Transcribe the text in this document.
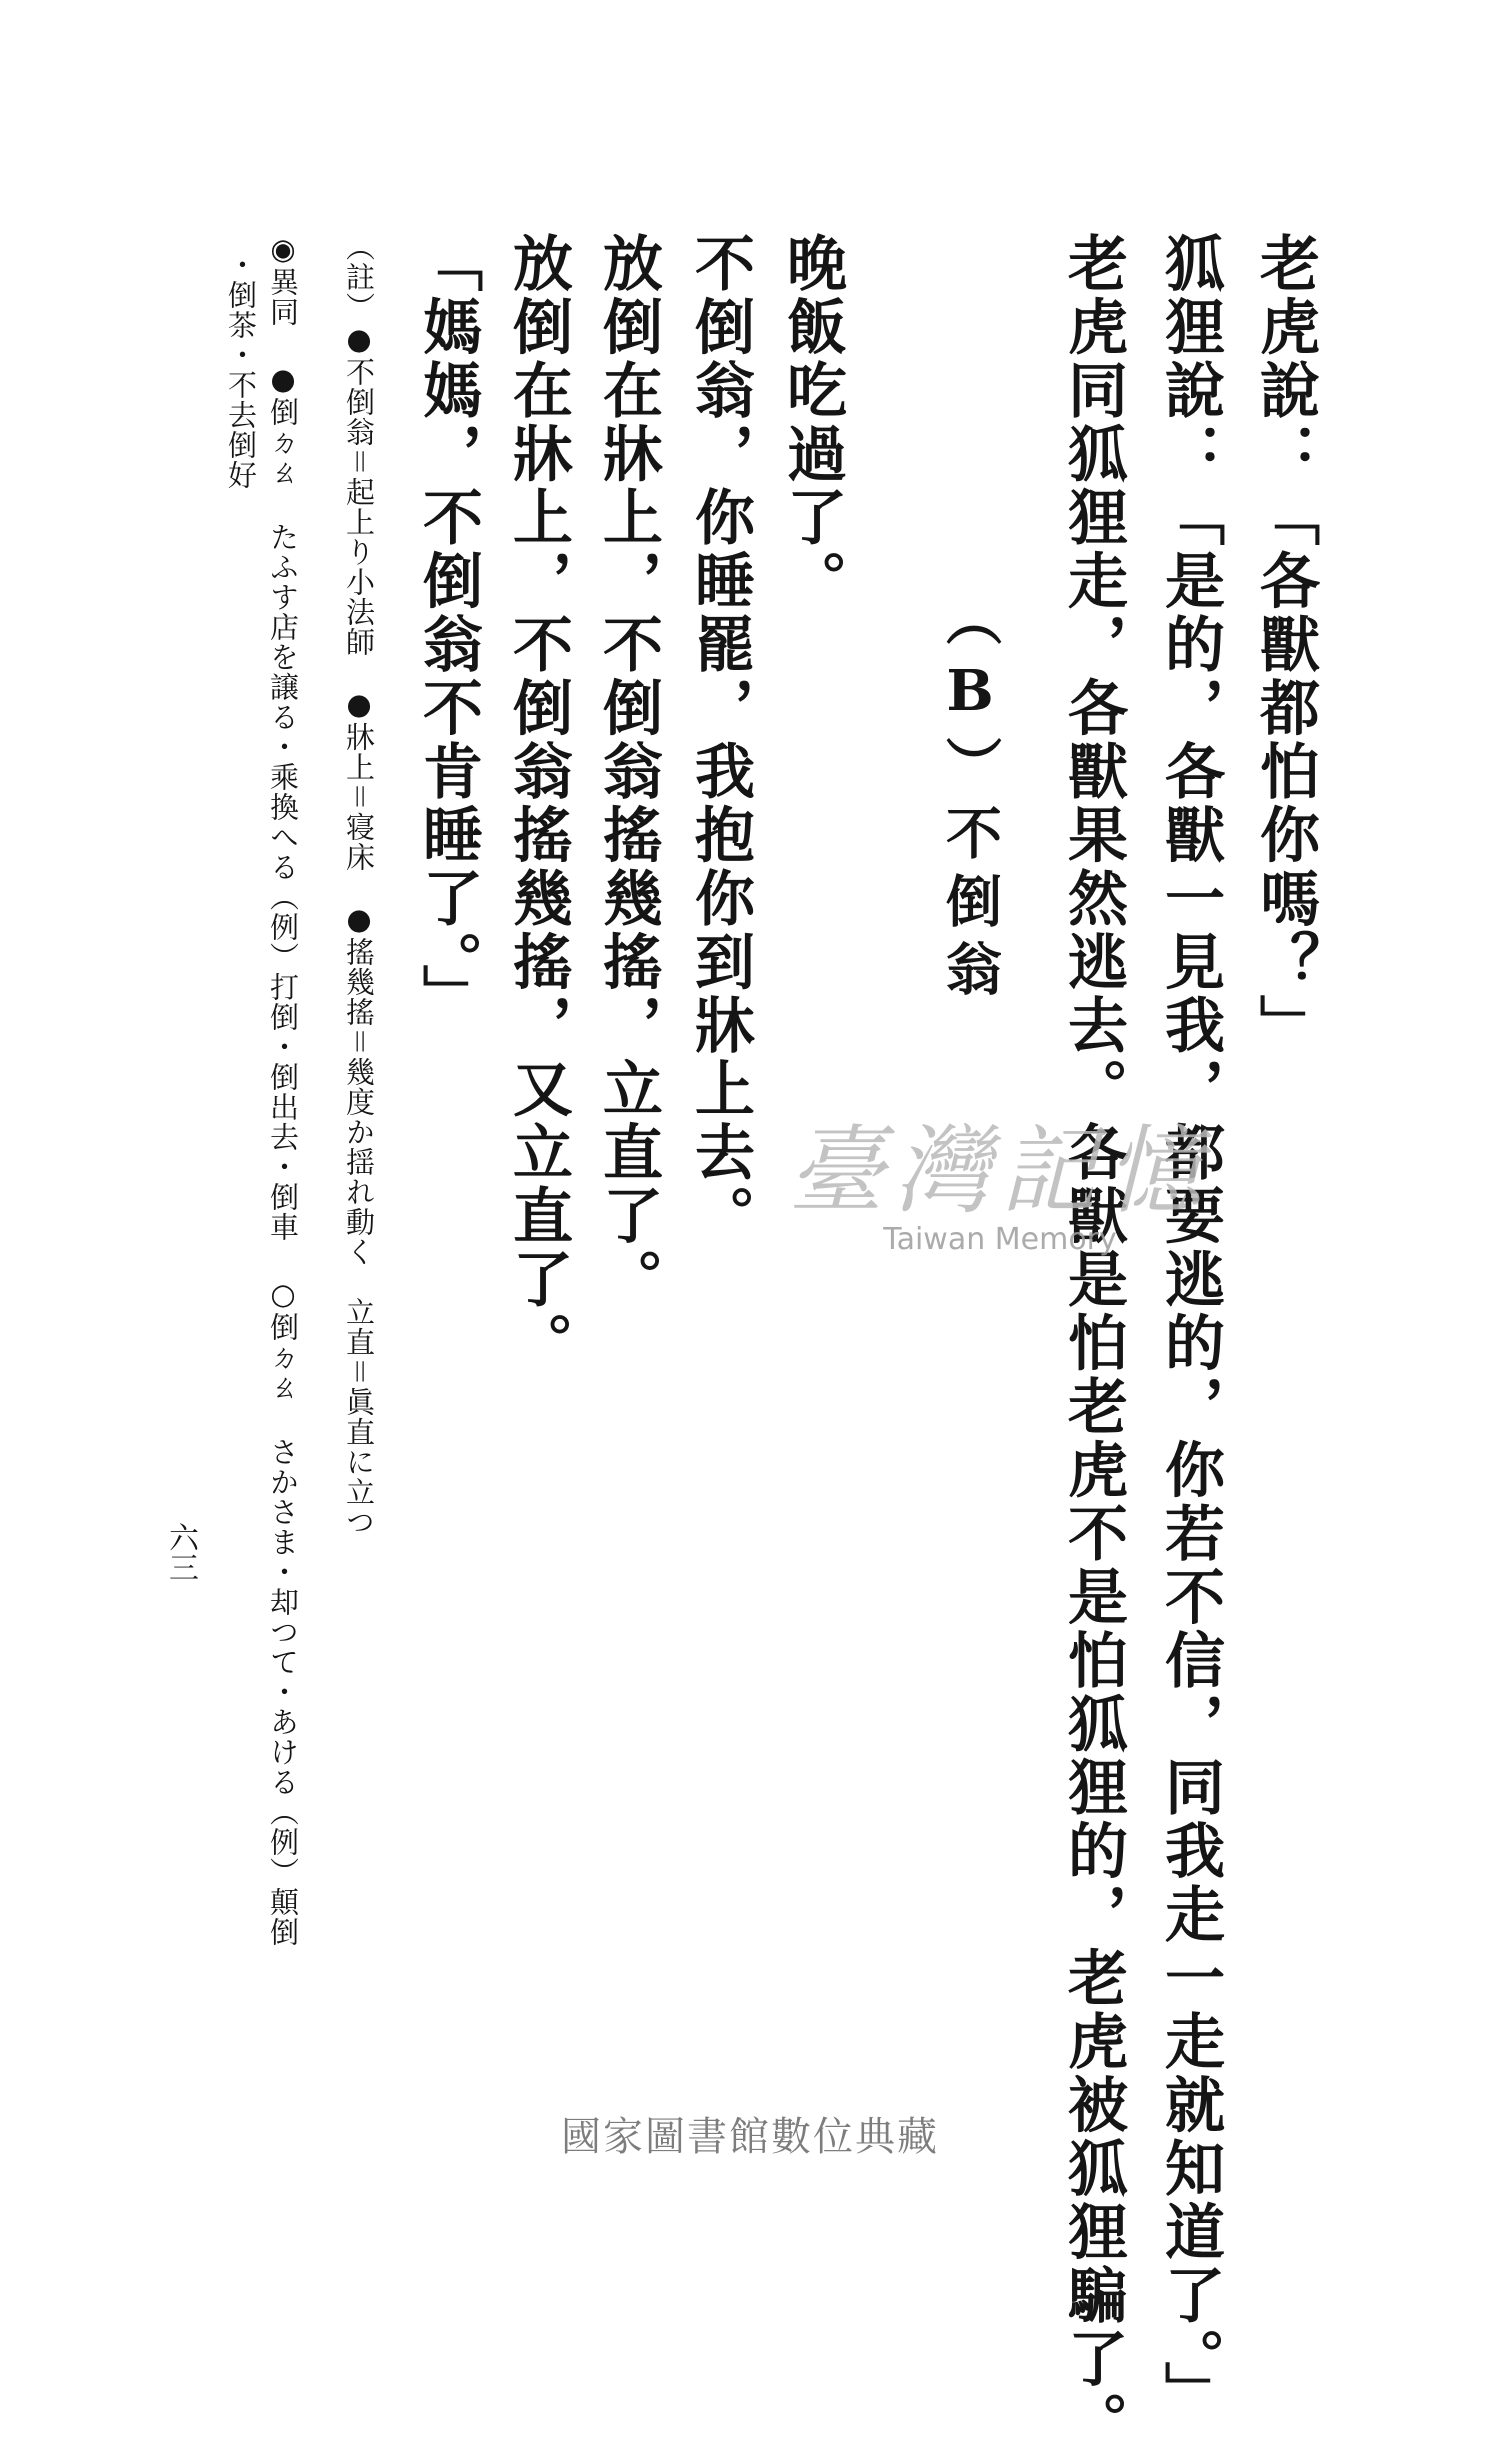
狐狸說：「是的，各獸一見我，都要逃的，你若不信，同我走一走就知道了。」
老虎同狐狸走，各獸果然逃去。各獸是怕老虎不是怕狐狸的，老虎被狐狸騙了。 老虎說：「各獸都怕你嗎？」
（B）不倒翁
晚飯吃過了。
不倒翁，你睡罷，我抱你到牀上去。
放倒在牀上，不倒翁搖幾搖，立直了。
放倒在牀上，不倒翁搖幾搖，又立直了。
「媽媽，不倒翁不肯睡了。」
（註）●不倒翁＝起上り小法師　●牀上＝寝床　●搖幾搖＝幾度か揺れ動く　立直＝眞直に立つ
◉異同 ●倒ㄉㄠ たふす店を譲る・乘換へる（例）打倒・倒出去・倒車 ○倒ㄉㄠ さかさま・却つて・あける（例）顛倒
・倒茶・不去倒好
六三
臺灣記憶
Taiwan Memory
國家圖書館數位典藏
